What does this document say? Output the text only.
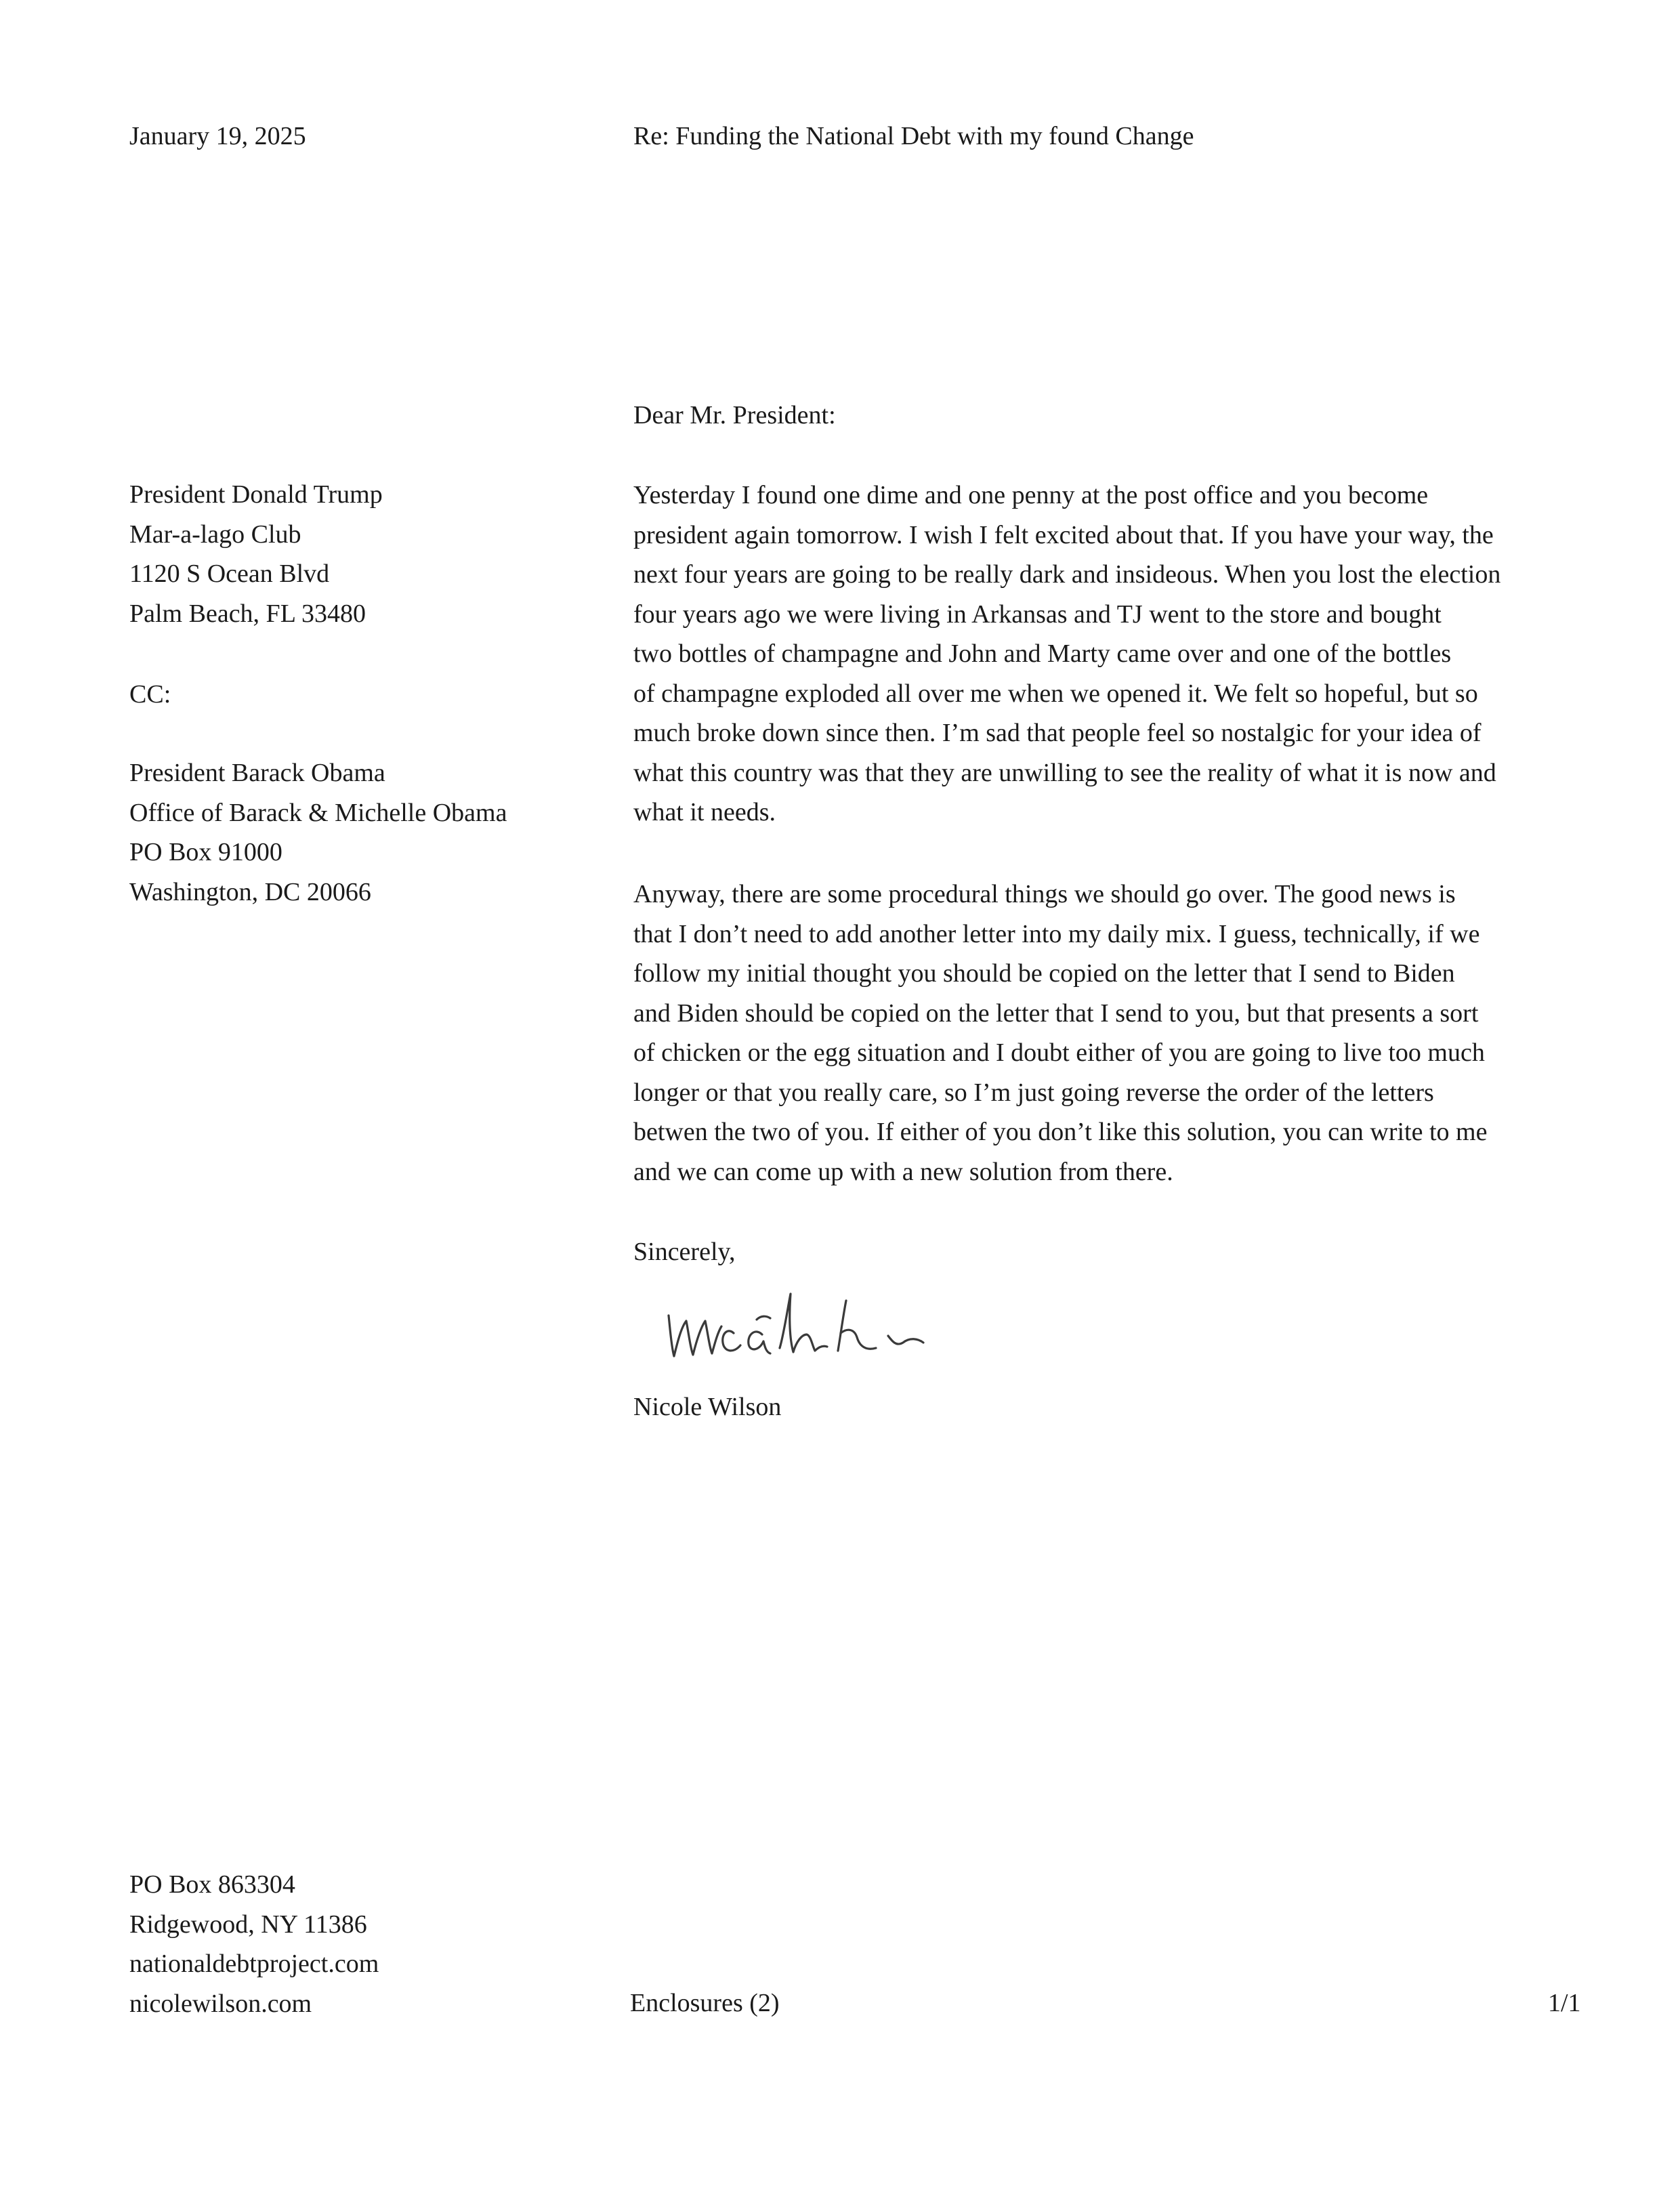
January 19, 2025	Re: Funding the National Debt with my found Change
Dear Mr. President:
President Donald Trump
Mar-a-lago Club
1120 S Ocean Blvd
Palm Beach, FL 33480
CC:
President Barack Obama
Office of Barack & Michelle Obama
PO Box 91000
Washington, DC 20066
Yesterday I found one dime and one penny at the post office and you become
president again tomorrow. I wish I felt excited about that. If you have your way, the
next four years are going to be really dark and insideous. When you lost the election
four years ago we were living in Arkansas and TJ went to the store and bought
two bottles of champagne and John and Marty came over and one of the bottles
of champagne exploded all over me when we opened it. We felt so hopeful, but so
much broke down since then. I’m sad that people feel so nostalgic for your idea of
what this country was that they are unwilling to see the reality of what it is now and
what it needs.
Anyway, there are some procedural things we should go over. The good news is
that I don’t need to add another letter into my daily mix. I guess, technically, if we
follow my initial thought you should be copied on the letter that I send to Biden
and Biden should be copied on the letter that I send to you, but that presents a sort
of chicken or the egg situation and I doubt either of you are going to live too much
longer or that you really care, so I’m just going reverse the order of the letters
betwen the two of you. If either of you don’t like this solution, you can write to me
and we can come up with a new solution from there.
Sincerely,
Nicole Wilson
PO Box 863304
Ridgewood, NY 11386
nationaldebtproject.com
nicolewilson.com	Enclosures (2)	1/1
